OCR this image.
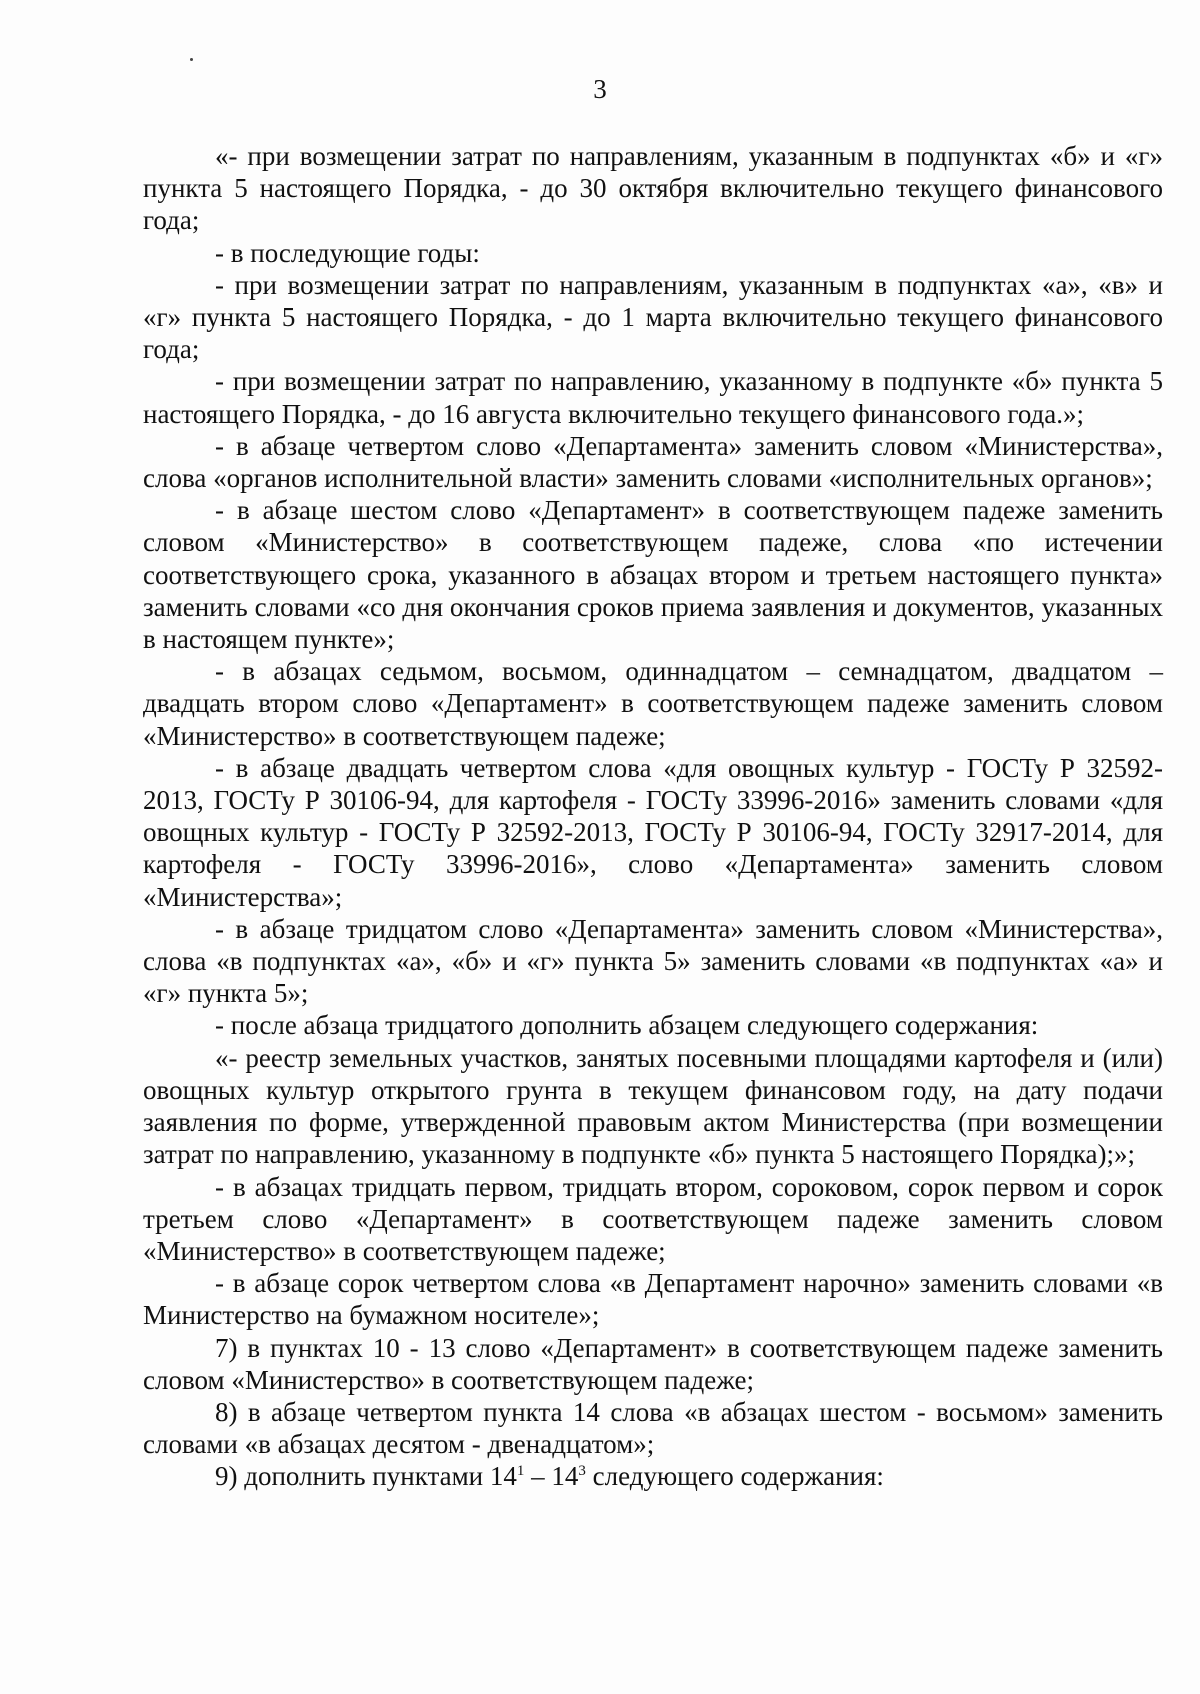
3

«- при возмещении затрат по направлениям, указанным в подпунктах «б» и «г» пункта 5 настоящего Порядка, - до 30 октября включительно текущего финансового года;

- в последующие годы:

- при возмещении затрат по направлениям, указанным в подпунктах «а», «в» и «г» пункта 5 настоящего Порядка, - до 1 марта включительно текущего финансового года;

- при возмещении затрат по направлению, указанному в подпункте «б» пункта 5 настоящего Порядка, - до 16 августа включительно текущего финансового года.»;

- в абзаце четвертом слово «Департамента» заменить словом «Министерства», слова «органов исполнительной власти» заменить словами «исполнительных органов»;

- в абзаце шестом слово «Департамент» в соответствующем падеже заменить словом «Министерство» в соответствующем падеже, слова «по истечении соответствующего срока, указанного в абзацах втором и третьем настоящего пункта» заменить словами «со дня окончания сроков приема заявления и документов, указанных в настоящем пункте»;

- в абзацах седьмом, восьмом, одиннадцатом – семнадцатом, двадцатом – двадцать втором слово «Департамент» в соответствующем падеже заменить словом «Министерство» в соответствующем падеже;

- в абзаце двадцать четвертом слова «для овощных культур - ГОСТу Р 32592-2013, ГОСТу Р 30106-94, для картофеля - ГОСТу 33996-2016» заменить словами «для овощных культур - ГОСТу Р 32592-2013, ГОСТу Р 30106-94, ГОСТу 32917-2014, для картофеля - ГОСТу 33996-2016», слово «Департамента» заменить словом «Министерства»;

- в абзаце тридцатом слово «Департамента» заменить словом «Министерства», слова «в подпунктах «а», «б» и «г» пункта 5» заменить словами «в подпунктах «а» и «г» пункта 5»;

- после абзаца тридцатого дополнить абзацем следующего содержания:

«- реестр земельных участков, занятых посевными площадями картофеля и (или) овощных культур открытого грунта в текущем финансовом году, на дату подачи заявления по форме, утвержденной правовым актом Министерства (при возмещении затрат по направлению, указанному в подпункте «б» пункта 5 настоящего Порядка);»;

- в абзацах тридцать первом, тридцать втором, сороковом, сорок первом и сорок третьем слово «Департамент» в соответствующем падеже заменить словом «Министерство» в соответствующем падеже;

- в абзаце сорок четвертом слова «в Департамент нарочно» заменить словами «в Министерство на бумажном носителе»;

7) в пунктах 10 - 13 слово «Департамент» в соответствующем падеже заменить словом «Министерство» в соответствующем падеже;

8) в абзаце четвертом пункта 14 слова «в абзацах шестом - восьмом» заменить словами «в абзацах десятом - двенадцатом»;

9) дополнить пунктами $14^1 - 14^3$ следующего содержания:
